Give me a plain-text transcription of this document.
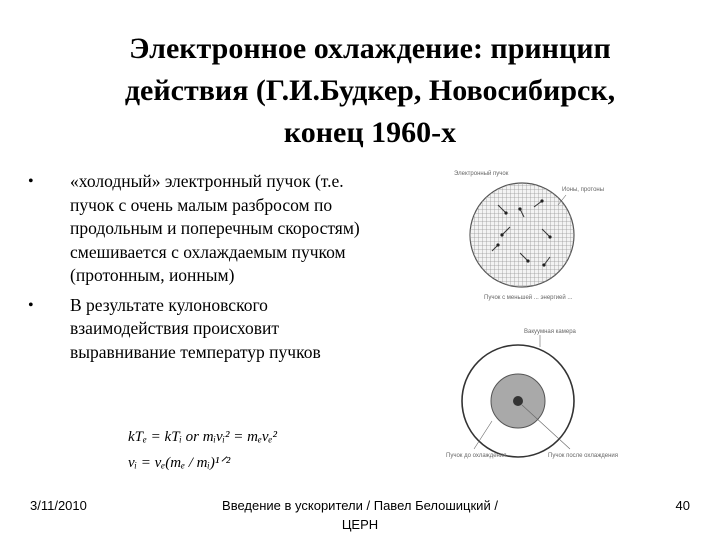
Электронное охлаждение: принцип
действия (Г.И.Будкер, Новосибирск,
конец 1960-х
•	«холодный» электронный пучок (т.е. пучок с очень малым разбросом по продольным и поперечным скоростям) смешивается с охлаждаемым пучком (протонным, ионным)
•	В результате кулоновского взаимодействия происховит выравнивание температур пучков
kTₑ = kTᵢ or mᵢvᵢ² = mₑvₑ²
vᵢ = vₑ(mₑ / mᵢ)¹ᐟ²
Электронный пучок
Ионы, протоны
Пучок с меньшей ... энергией ...
Вакуумная камера
Пучок до охлаждения	Пучок после охлаждения
3/11/2010	Введение в ускорители / Павел Белошицкий / ЦЕРН
40
